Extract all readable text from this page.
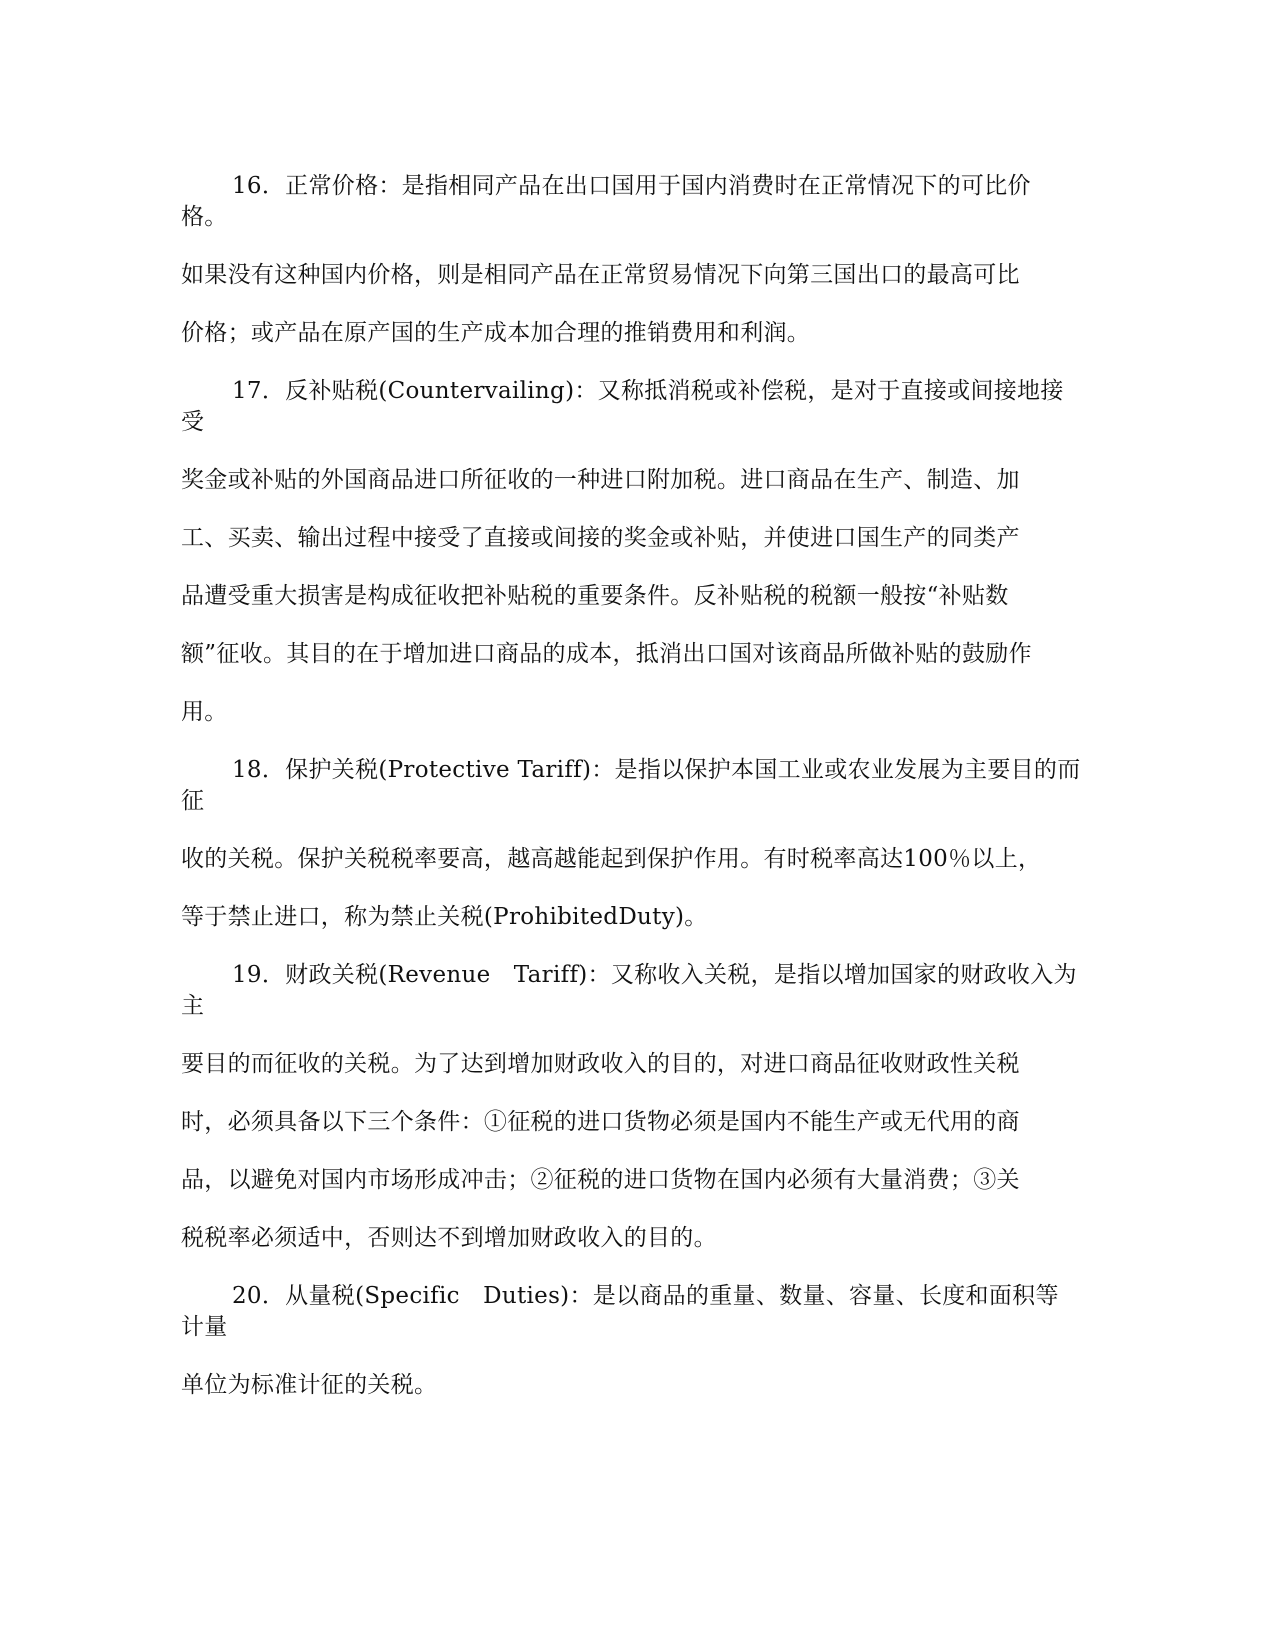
16．正常价格：是指相同产品在出口国用于国内消费时在正常情况下的可比价
格。
如果没有这种国内价格，则是相同产品在正常贸易情况下向第三国出口的最高可比
价格；或产品在原产国的生产成本加合理的推销费用和利润。
17．反补贴税(Countervailing)：又称抵消税或补偿税，是对于直接或间接地接
受
奖金或补贴的外国商品进口所征收的一种进口附加税。进口商品在生产、制造、加
工、买卖、输出过程中接受了直接或间接的奖金或补贴，并使进口国生产的同类产
品遭受重大损害是构成征收把补贴税的重要条件。反补贴税的税额一般按“补贴数
额”征收。其目的在于增加进口商品的成本，抵消出口国对该商品所做补贴的鼓励作
用。
18．保护关税(Protective Tariff)：是指以保护本国工业或农业发展为主要目的而
征
收的关税。保护关税税率要高，越高越能起到保护作用。有时税率高达100％以上，
等于禁止进口，称为禁止关税(ProhibitedDuty)。
19．财政关税(Revenue　Tariff)：又称收入关税，是指以增加国家的财政收入为
主
要目的而征收的关税。为了达到增加财政收入的目的，对进口商品征收财政性关税
时，必须具备以下三个条件：①征税的进口货物必须是国内不能生产或无代用的商
品，以避免对国内市场形成冲击；②征税的进口货物在国内必须有大量消费；③关
税税率必须适中，否则达不到增加财政收入的目的。
20．从量税(Specific　Duties)：是以商品的重量、数量、容量、长度和面积等
计量
单位为标准计征的关税。
